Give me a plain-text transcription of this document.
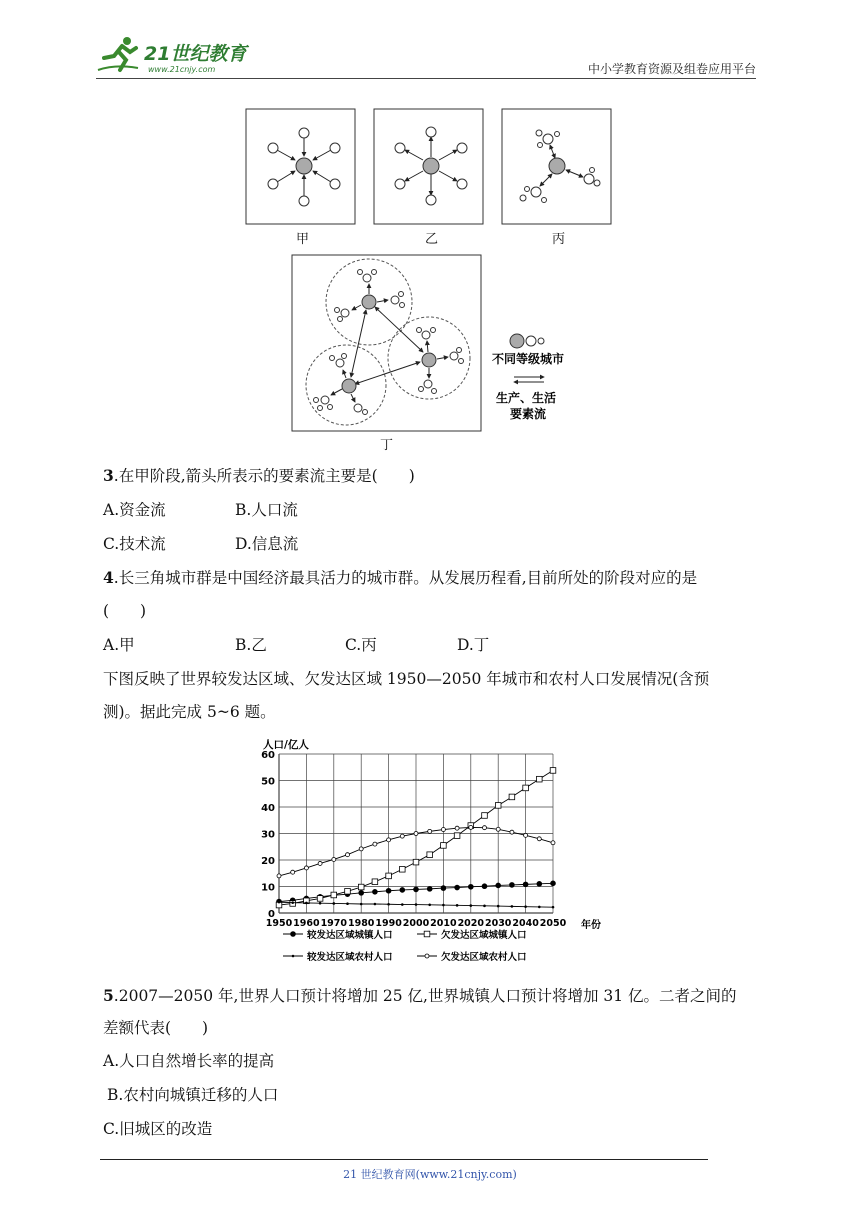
21世纪教育
www.21cnjy.com	中小学教育资源及组卷应用平台
不同等级城市
生产、生活
要素流
甲	乙	丙
丁
3.在甲阶段,箭头所表示的要素流主要是(　　)
A.资金流	B.人口流
C.技术流	D.信息流
4.长三角城市群是中国经济最具活力的城市群。从发展历程看,目前所处的阶段对应的是
(　　)
A.甲	B.乙	C.丙	D.丁
下图反映了世界较发达区域、欠发达区域 1950—2050 年城市和农村人口发展情况(含预
测)。据此完成 5~6 题。
人口/亿人
0
10
20
30
40
50
60
1950 1960 1970 1980 1990 2000 2010 2020 2030 2040 2050 年份
较发达区域城镇人口	欠发达区域城镇人口
较发达区域农村人口	欠发达区域农村人口
5.2007—2050 年,世界人口预计将增加 25 亿,世界城镇人口预计将增加 31 亿。二者之间的
差额代表(　　)
A.人口自然增长率的提高
B.农村向城镇迁移的人口
C.旧城区的改造
21 世纪教育网(www.21cnjy.com)
